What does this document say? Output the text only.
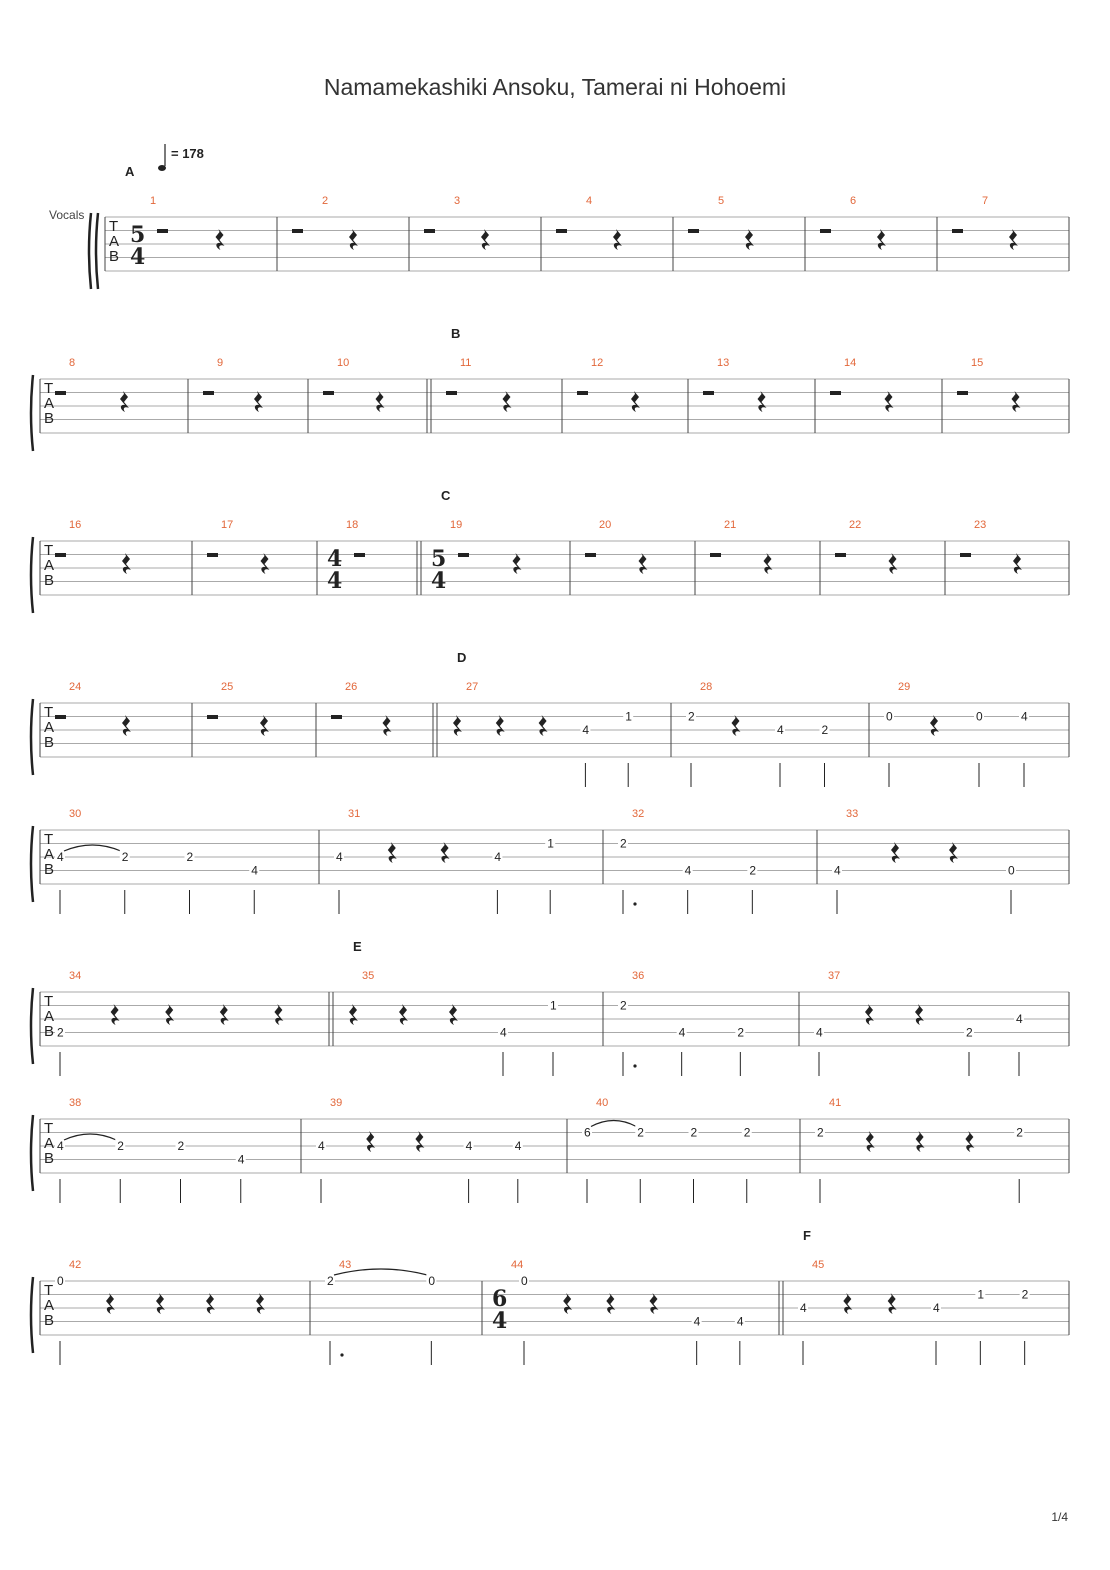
Namamekashiki Ansoku, Tamerai ni Hohoemi
= 178
Vocals
1/4
T
A
B
1
A
5
4
2	3	4	5	6	7
T
A
B
8	9	10	11
B
12	13	14	15
T
A
B
16	17	18
4
4
19
C
5
4
20	21	22	23
T
A
B
24	25	26	27
D
4
1
28
2
4	2
29
0	0	4
T
A
B
30
4	2	2
4
31
4	4
1
32
2
4	2
33
4	0
T
A
B
34
2
35
E
4
1
36
2
4	2
37
4	2
4
T
A
B
38
4	2	2
4
39
4	4	4
40
6	2	2	2
41
2	2
T
A
B
42
0
43
2	0
44
6
4
0
4	4
45
F
4	4
1	2
